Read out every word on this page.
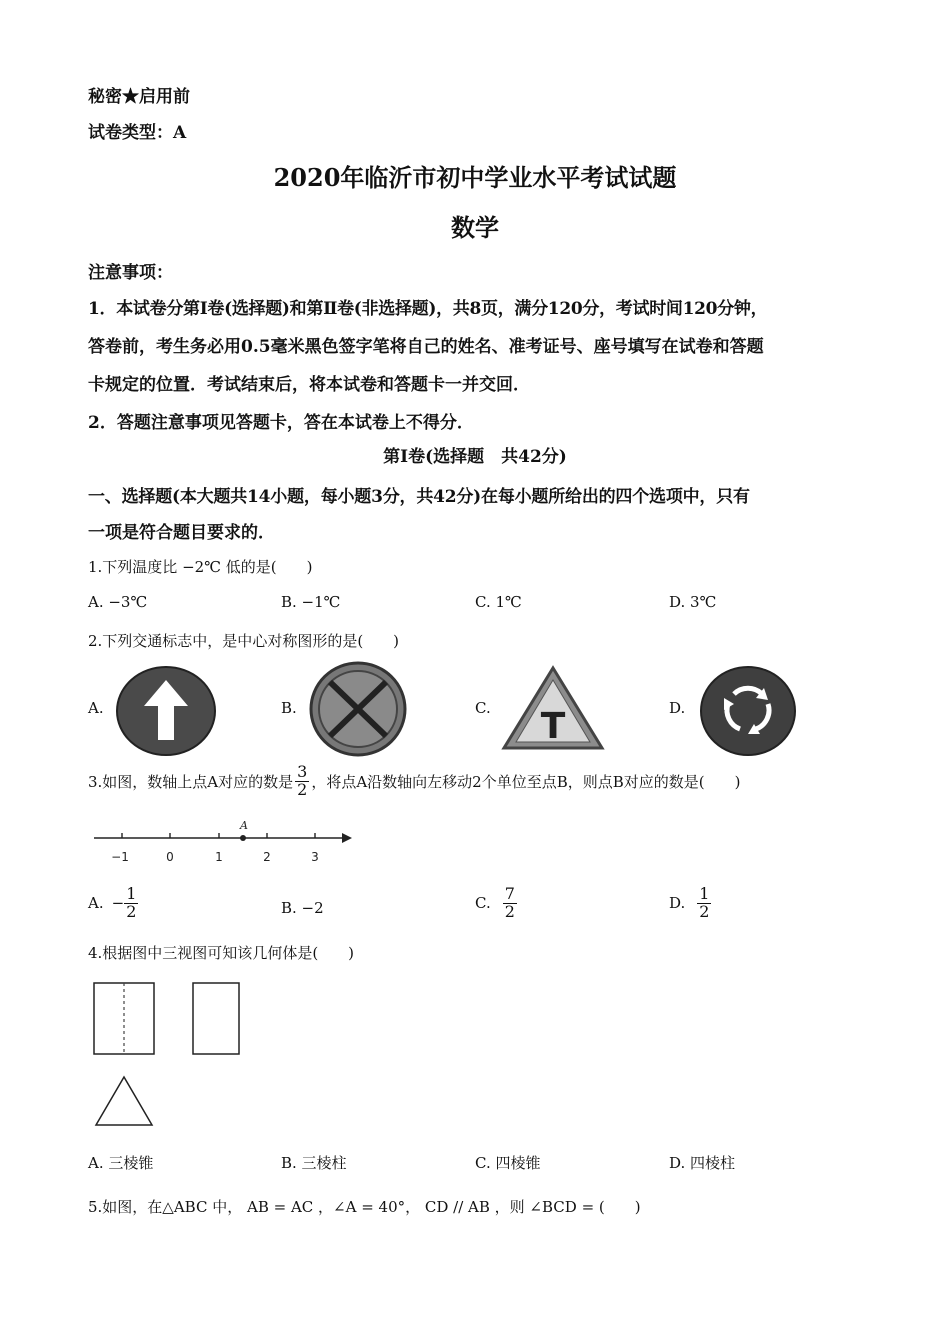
秘密★启用前
试卷类型：A
2020年临沂市初中学业水平考试试题
数学
注意事项：
1．本试卷分第Ⅰ卷(选择题)和第Ⅱ卷(非选择题)，共8页，满分120分，考试时间120分钟，
答卷前，考生务必用0.5毫米黑色签字笔将自己的姓名、准考证号、座号填写在试卷和答题
卡规定的位置．考试结束后，将本试卷和答题卡一并交回．
2．答题注意事项见答题卡，答在本试卷上不得分．
第Ⅰ卷(选择题　共42分)
一、选择题(本大题共14小题，每小题3分，共42分)在每小题所给出的四个选项中，只有
一项是符合题目要求的．
1.下列温度比 −2℃ 低的是(　　)
A. −3℃	B. −1℃	C. 1℃	D. 3℃
2.下列交通标志中，是中心对称图形的是(　　)
A.	B.	C. T	D.
3.如图，数轴上点A对应的数是 $\frac{3}{2}$ ，将点A沿数轴向左移动2个单位至点B，则点B对应的数是(　　)
A
−1	0	1	2	3
A. − $\frac{1}{2}$	B. −2	C. $\frac{7}{2}$	D. $\frac{1}{2}$
4.根据图中三视图可知该几何体是(　　)
A. 三棱锥	B. 三棱柱	C. 四棱锥	D. 四棱柱
5.如图，在△ABC 中， AB = AC ，∠A = 40°， CD // AB ，则 ∠BCD = (　　)
